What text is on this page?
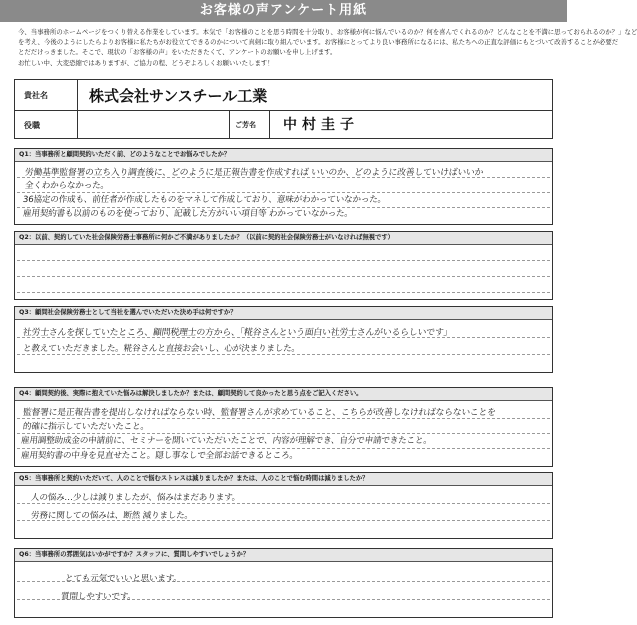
お客様の声アンケート用紙

今、当事務所のホームページをつくり替える作業をしています。本気で「お客様のことを思う時間を十分取り、お客様が何に悩んでいるのか？何を喜んでくれるのか？どんなことを不満に思っておられるのか？」など

を考え、今後のようにしたらよりお客様に私たちがお役立てできるのかについて真剣に取り組んでいます。お客様にとってより良い事務所になるには、私たちへの正直な評価にもとづいて改善することが必要だ

とだだけっきました。そこで、現状の「お客様の声」をいただきたくて、アンケートのお願いを申し上げます。

お忙しい中、大変恐縮ではありますが、ご協力の程、どうぞよろしくお願いいたします！

貴社名	株式会社サンスチール工業
役職	ご芳名 中村圭子
Q1：当事務所と顧問契約いただく前、どのようなことでお悩みでしたか？
労働基準監督署の立ち入り調査後に、どのように是正報告書を作成すれば いいのか、どのように改善していけばいいか
全くわからなかった。
36協定の作成も、前任者が作成したものをマネして作成しており、意味がわかっていなかった。
雇用契約書も以前のものを使っており、記載した方がいい項目等 わかっていなかった。
Q2：以前、契約していた社会保険労務士事務所に何かご不満がありましたか？（以前に契約社会保険労務士がいなければ無視です）
Q3：顧問社会保険労務士として当社を選んでいただいた決め手は何ですか？
社労士さんを探していたところ、顧問税理士の方から、「糀谷さんという面白い社労士さんがいるらしいです」
と教えていただきました。糀谷さんと直接お会いし、心が決まりました。
Q4：顧問契約後、実際に抱えていた悩みは解決しましたか？または、顧問契約して良かったと思う点をご記入ください。
監督署に是正報告書を提出しなければならない時、監督署さんが求めていること、こちらが改善しなければならないことを
的確に指示していただいたこと。
雇用調整助成金の申請前に、セミナーを開いていただいたことで、内容が理解でき、自分で申請できたこと。
雇用契約書の中身を見直せたこと。隠し事なしで全部お話できるところ。
Q5：当事務所と契約いただいて、人のことで悩むストレスは減りましたか？または、人のことで悩む時間は減りましたか？
人の悩み…少しは減りましたが、悩みはまだあります。
労務に関しての悩みは、断然 減りました。
Q6：当事務所の雰囲気はいかがですか？スタッフに、質問しやすいでしょうか？
とても元気でいいと思います。
質問しやすいです。
